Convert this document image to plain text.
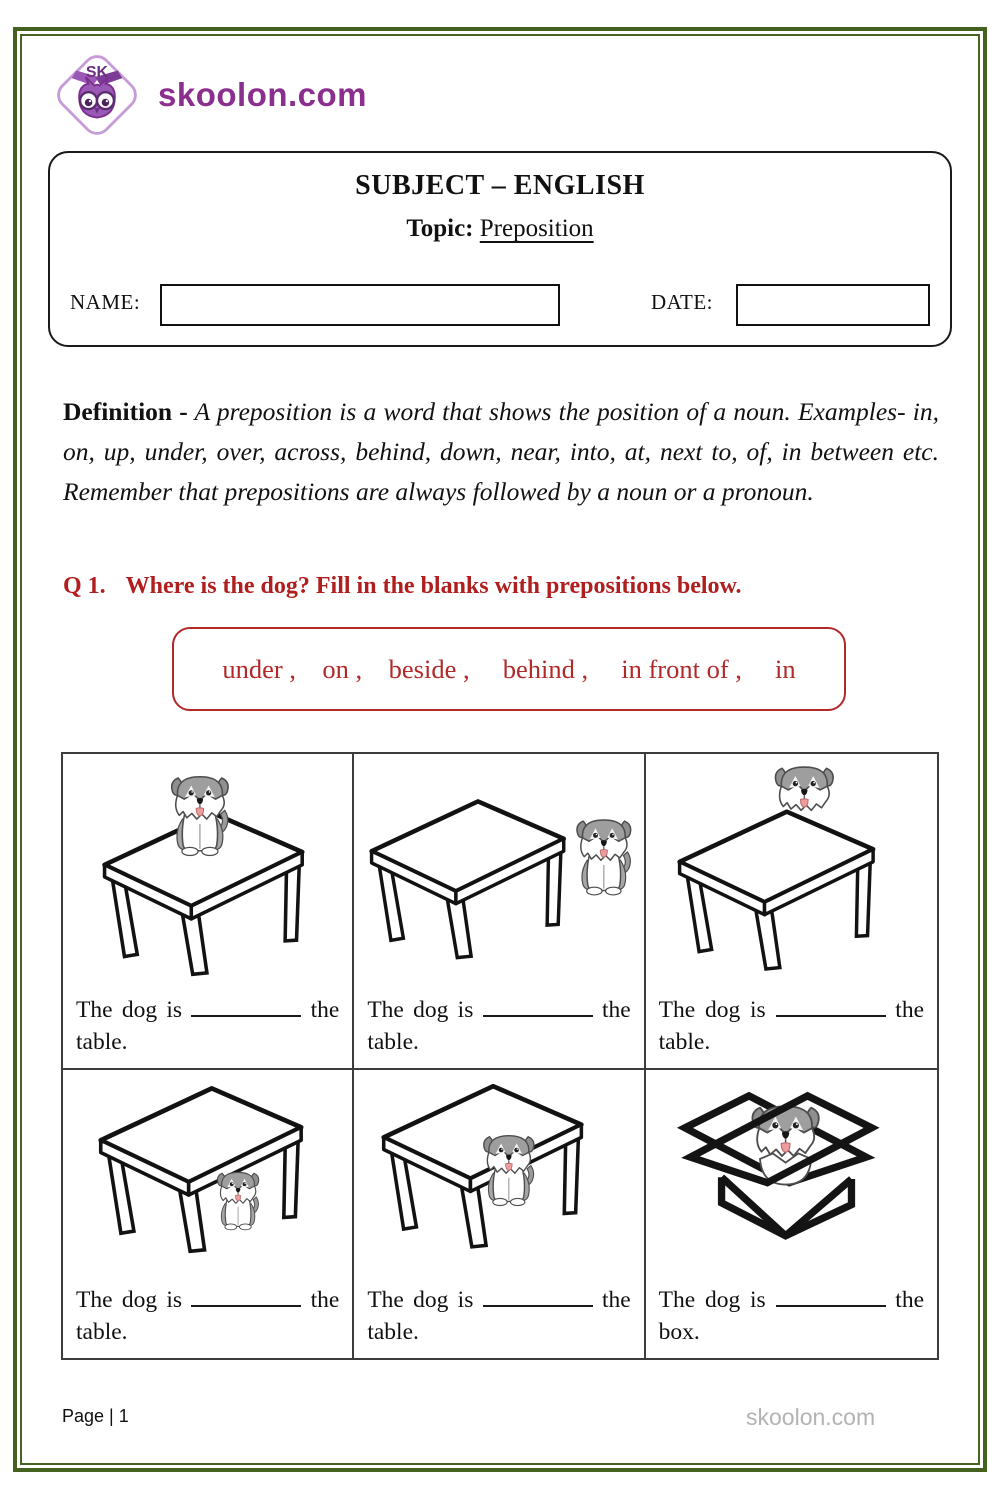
SK
skoolon.com
SUBJECT – ENGLISH
Topic: Preposition
NAME:	DATE:
Definition - A preposition is a word that shows the position of a noun. Examples- in, on, up, under, over, across, behind, down, near, into, at, next to, of, in between etc. Remember that prepositions are always followed by a noun or a pronoun.
Q 1. Where is the dog? Fill in the blanks with prepositions below.
under ,    on ,    beside ,     behind ,     in front of ,     in
The dog is	the table.
The dog is	the table.
The dog is	the table.
The dog is	the table.
The dog is	the table.
The dog is	the box.
Page | 1	skoolon.com
